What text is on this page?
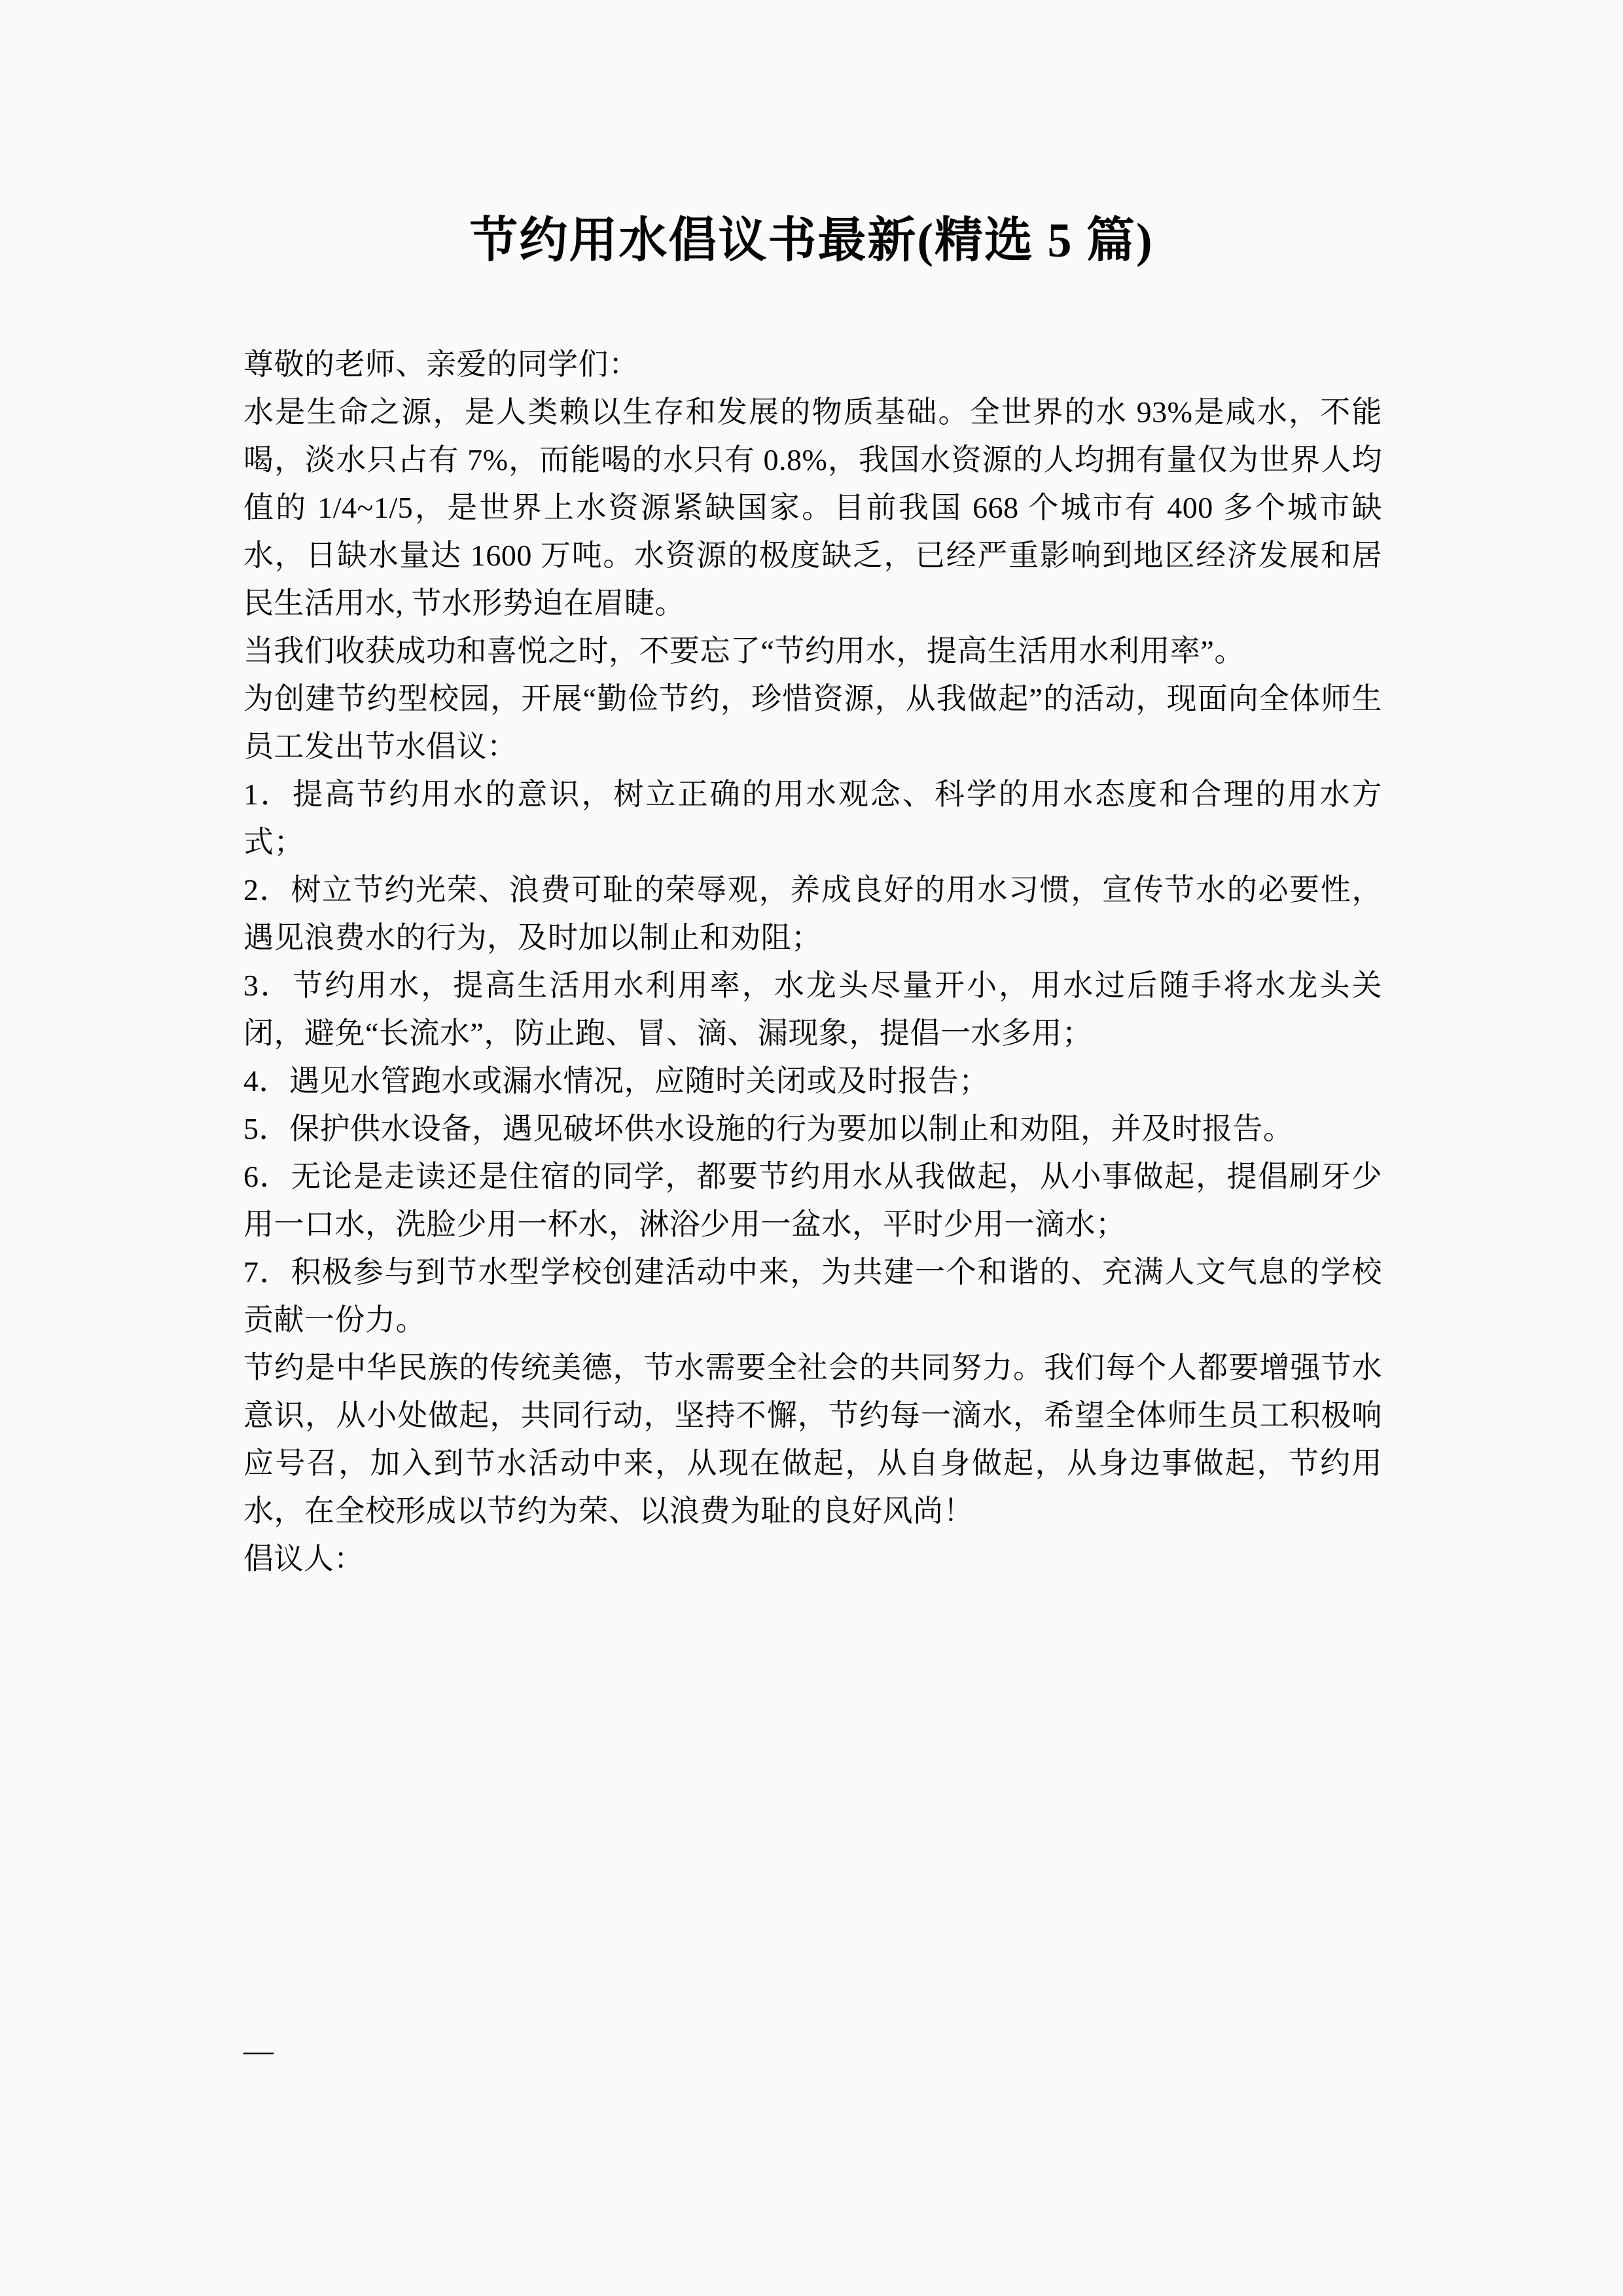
节约用水倡议书最新(精选 5 篇)

尊敬的老师、亲爱的同学们：

水是生命之源，是人类赖以生存和发展的物质基础。全世界的水 93%是咸水，不能喝，淡水只占有 7%，而能喝的水只有 0.8%，我国水资源的人均拥有量仅为世界人均值的 1/4~1/5，是世界上水资源紧缺国家。目前我国 668 个城市有 400 多个城市缺水，日缺水量达 1600 万吨。水资源的极度缺乏，已经严重影响到地区经济发展和居民生活用水, 节水形势迫在眉睫。

当我们收获成功和喜悦之时，不要忘了“节约用水，提高生活用水利用率”。

为创建节约型校园，开展“勤俭节约，珍惜资源，从我做起”的活动，现面向全体师生员工发出节水倡议：

1．提高节约用水的意识，树立正确的用水观念、科学的用水态度和合理的用水方式；

2．树立节约光荣、浪费可耻的荣辱观，养成良好的用水习惯，宣传节水的必要性，遇见浪费水的行为，及时加以制止和劝阻；

3．节约用水，提高生活用水利用率，水龙头尽量开小，用水过后随手将水龙头关闭，避免“长流水”，防止跑、冒、滴、漏现象，提倡一水多用；

4．遇见水管跑水或漏水情况，应随时关闭或及时报告；

5．保护供水设备，遇见破坏供水设施的行为要加以制止和劝阻，并及时报告。

6．无论是走读还是住宿的同学，都要节约用水从我做起，从小事做起，提倡刷牙少用一口水，洗脸少用一杯水，淋浴少用一盆水，平时少用一滴水；

7．积极参与到节水型学校创建活动中来，为共建一个和谐的、充满人文气息的学校贡献一份力。

节约是中华民族的传统美德，节水需要全社会的共同努力。我们每个人都要增强节水意识，从小处做起，共同行动，坚持不懈，节约每一滴水，希望全体师生员工积极响应号召，加入到节水活动中来，从现在做起，从自身做起，从身边事做起，节约用水，在全校形成以节约为荣、以浪费为耻的良好风尚！

倡议人：

—
